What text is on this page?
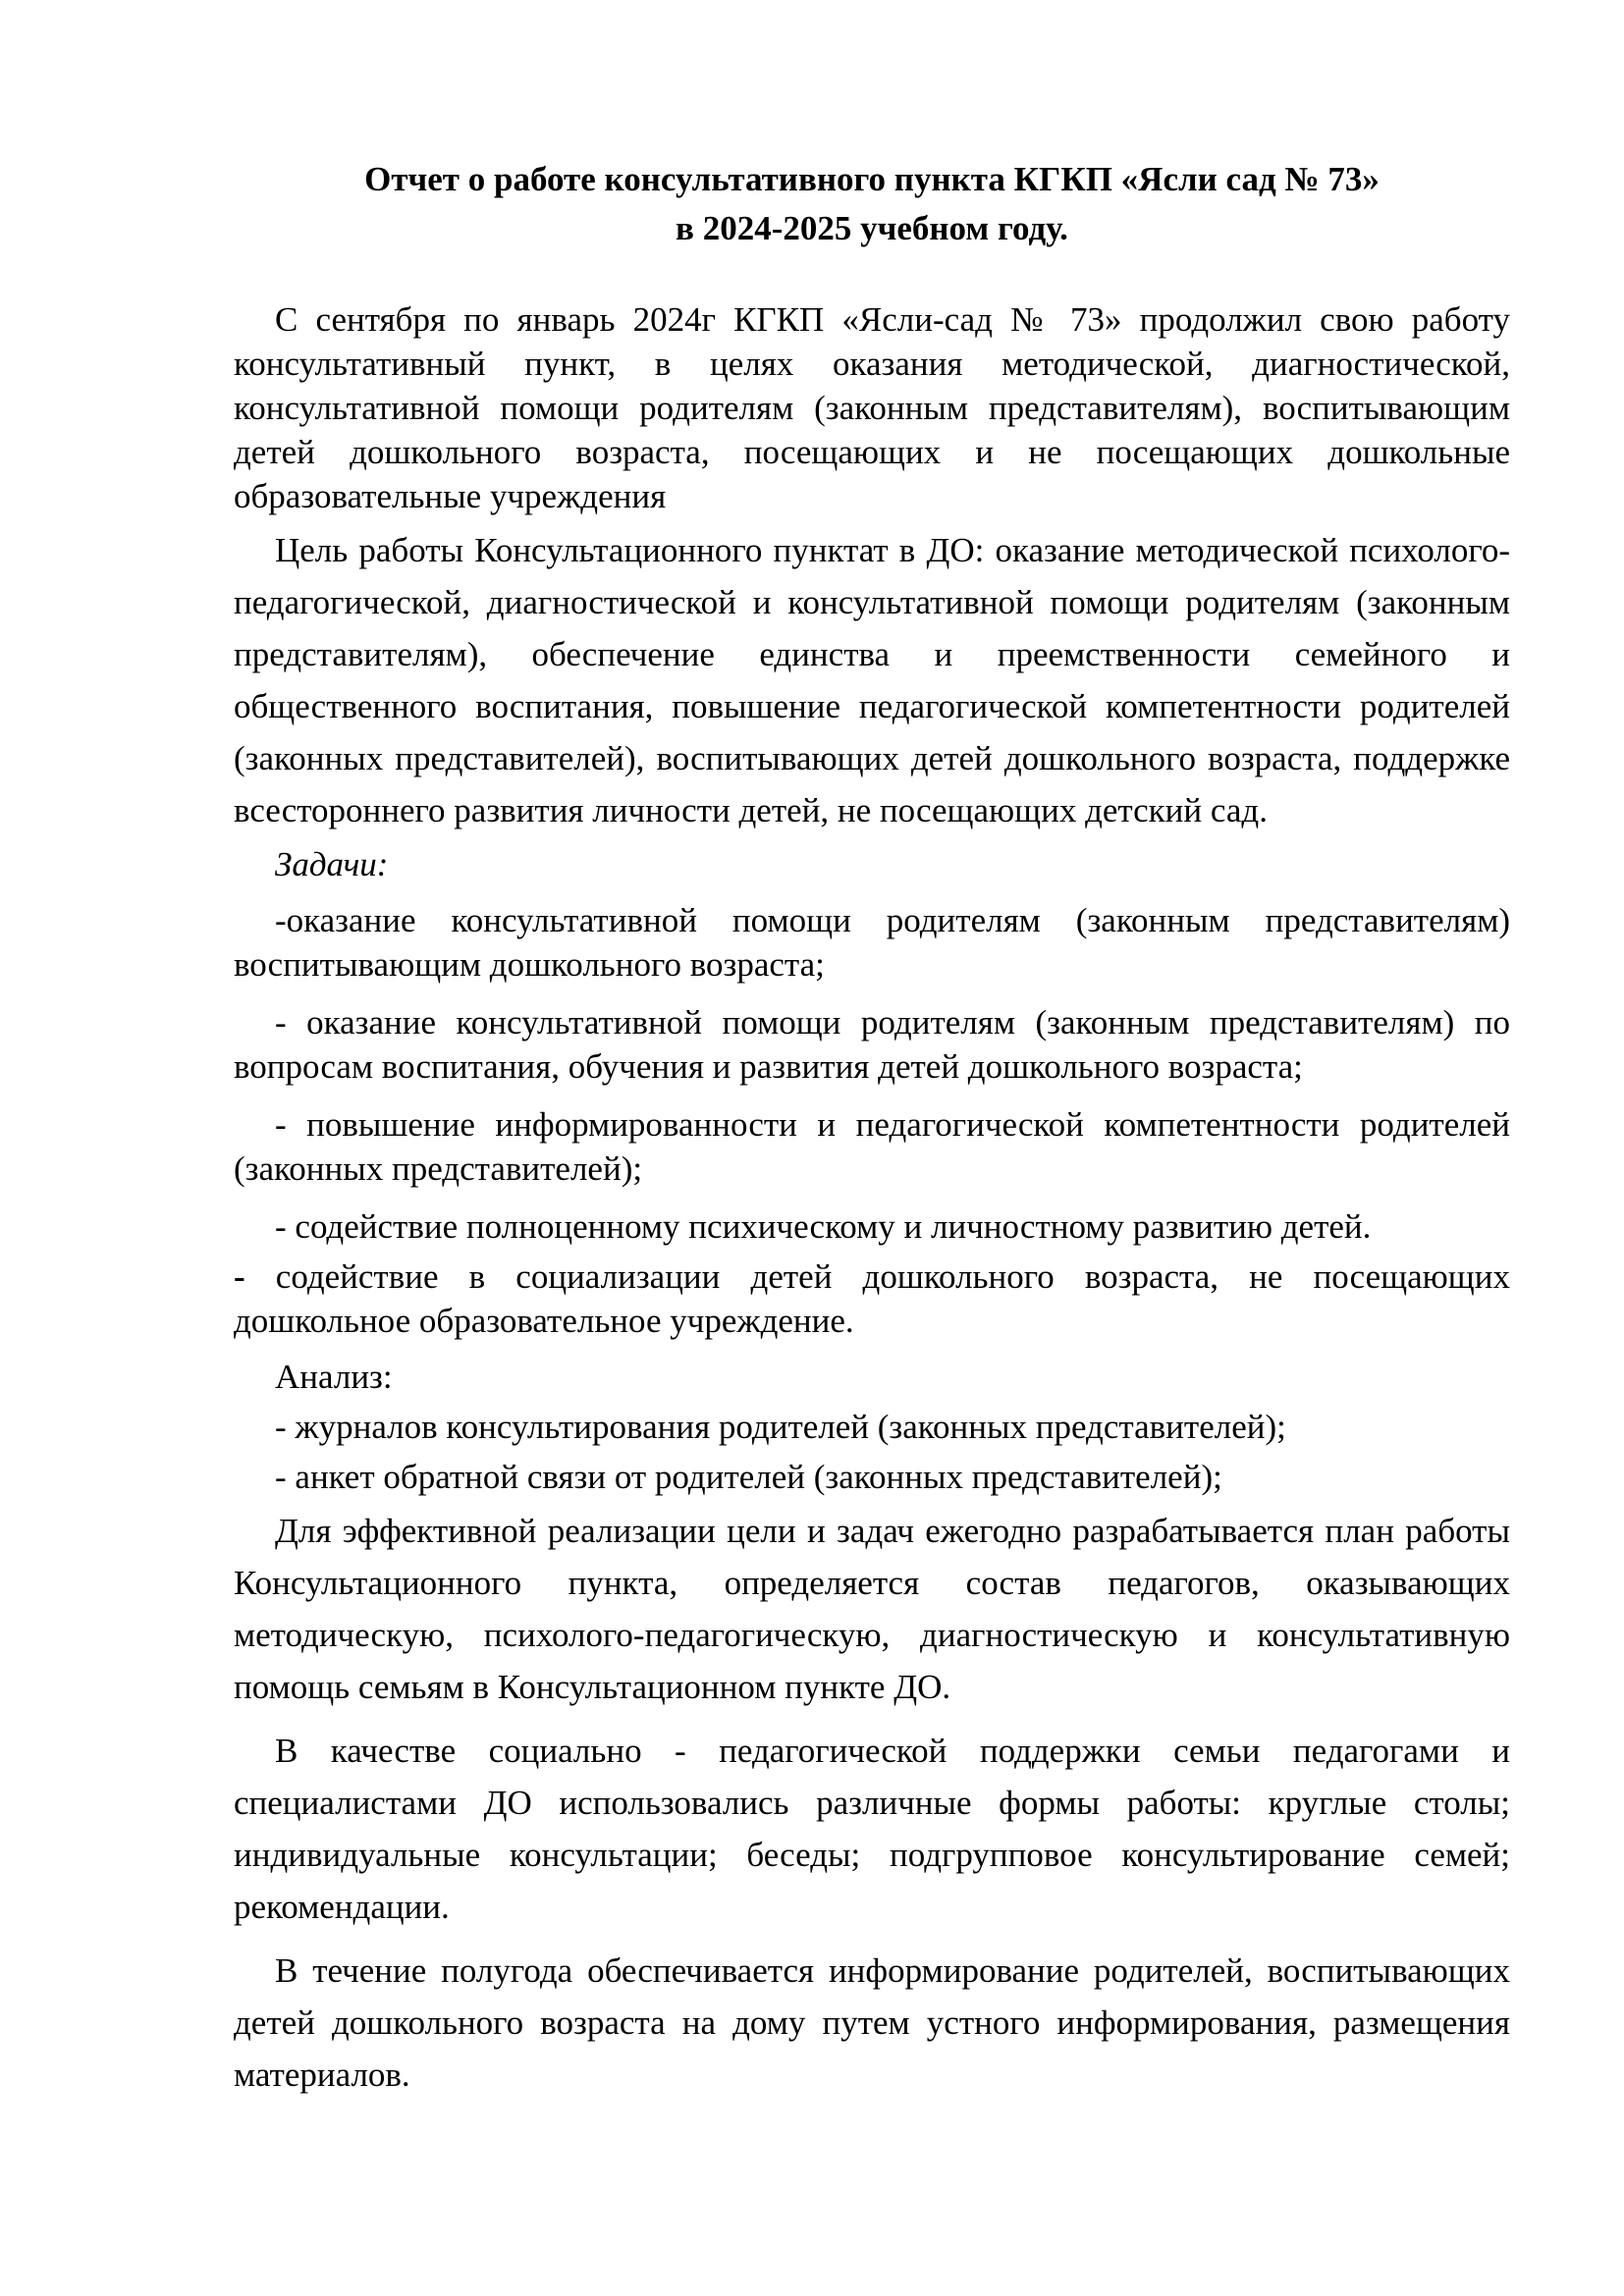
Отчет о работе консультативного пункта КГКП «Ясли сад № 73»
в 2024-2025 учебном году.

С сентября по январь 2024г КГКП «Ясли-сад № 73» продолжил свою работу консультативный пункт, в целях оказания методической, диагностической, консультативной помощи родителям (законным представителям), воспитывающим детей дошкольного возраста, посещающих и не посещающих дошкольные образовательные учреждения

Цель работы Консультационного пунктат в ДО: оказание методической психолого-педагогической, диагностической и консультативной помощи родителям (законным представителям), обеспечение единства и преемственности семейного и общественного воспитания, повышение педагогической компетентности родителей (законных представителей), воспитывающих детей дошкольного возраста, поддержке всестороннего развития личности детей, не посещающих детский сад.

Задачи:

-оказание консультативной помощи родителям (законным представителям) воспитывающим дошкольного возраста;

- оказание консультативной помощи родителям (законным представителям) по вопросам воспитания, обучения и развития детей дошкольного возраста;

- повышение информированности и педагогической компетентности родителей (законных представителей);

- содействие полноценному психическому и личностному развитию детей.

- содействие в социализации детей дошкольного возраста, не посещающих дошкольное образовательное учреждение.

Анализ:

- журналов консультирования родителей (законных представителей);

- анкет обратной связи от родителей (законных представителей);

Для эффективной реализации цели и задач ежегодно разрабатывается план работы Консультационного пункта, определяется состав педагогов, оказывающих методическую, психолого-педагогическую, диагностическую и консультативную помощь семьям в Консультационном пункте ДО.

В качестве социально - педагогической поддержки семьи педагогами и специалистами ДО использовались различные формы работы: круглые столы; индивидуальные консультации; беседы; подгрупповое консультирование семей; рекомендации.

В течение полугода обеспечивается информирование родителей, воспитывающих детей дошкольного возраста на дому путем устного информирования, размещения материалов.
